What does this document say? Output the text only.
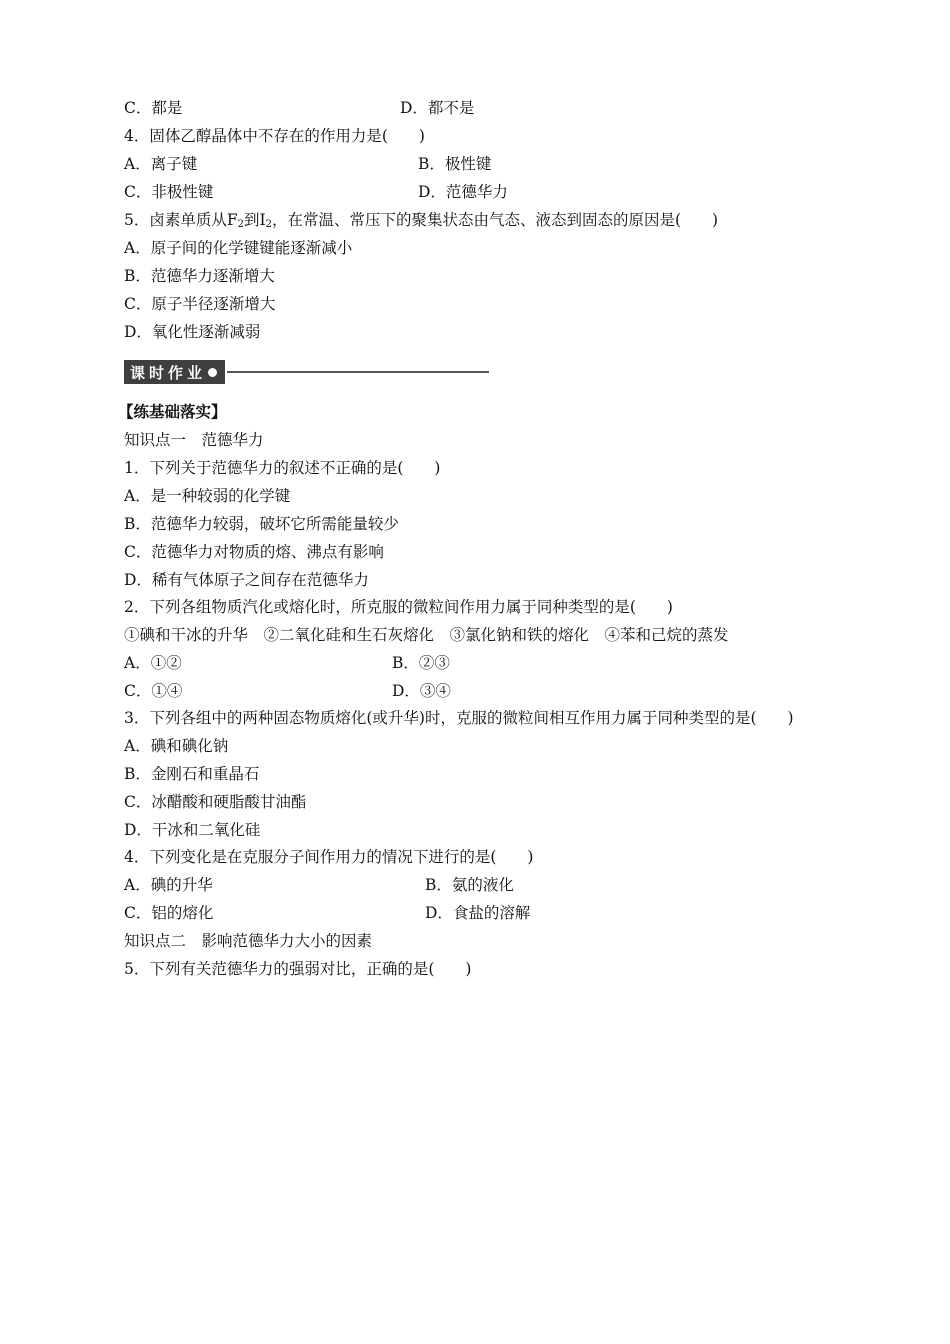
C．都是	D．都不是
4．固体乙醇晶体中不存在的作用力是(　　)
A．离子键	B．极性键
C．非极性键	D．范德华力
5．卤素单质从$F_2$到$I_2$，在常温、常压下的聚集状态由气态、液态到固态的原因是(　　)
A．原子间的化学键键能逐渐减小
B．范德华力逐渐增大
C．原子半径逐渐增大
D．氧化性逐渐减弱
课时作业
【练基础落实】
知识点一　范德华力
1．下列关于范德华力的叙述不正确的是(　　)
A．是一种较弱的化学键
B．范德华力较弱，破坏它所需能量较少
C．范德华力对物质的熔、沸点有影响
D．稀有气体原子之间存在范德华力
2．下列各组物质汽化或熔化时，所克服的微粒间作用力属于同种类型的是(　　)
①碘和干冰的升华　②二氧化硅和生石灰熔化　③氯化钠和铁的熔化　④苯和己烷的蒸发
A．①②	B．②③
C．①④	D．③④
3．下列各组中的两种固态物质熔化(或升华)时，克服的微粒间相互作用力属于同种类型的是(　　)
A．碘和碘化钠
B．金刚石和重晶石
C．冰醋酸和硬脂酸甘油酯
D．干冰和二氧化硅
4．下列变化是在克服分子间作用力的情况下进行的是(　　)
A．碘的升华	B．氨的液化
C．铝的熔化	D．食盐的溶解
知识点二　影响范德华力大小的因素
5．下列有关范德华力的强弱对比，正确的是(　　)
